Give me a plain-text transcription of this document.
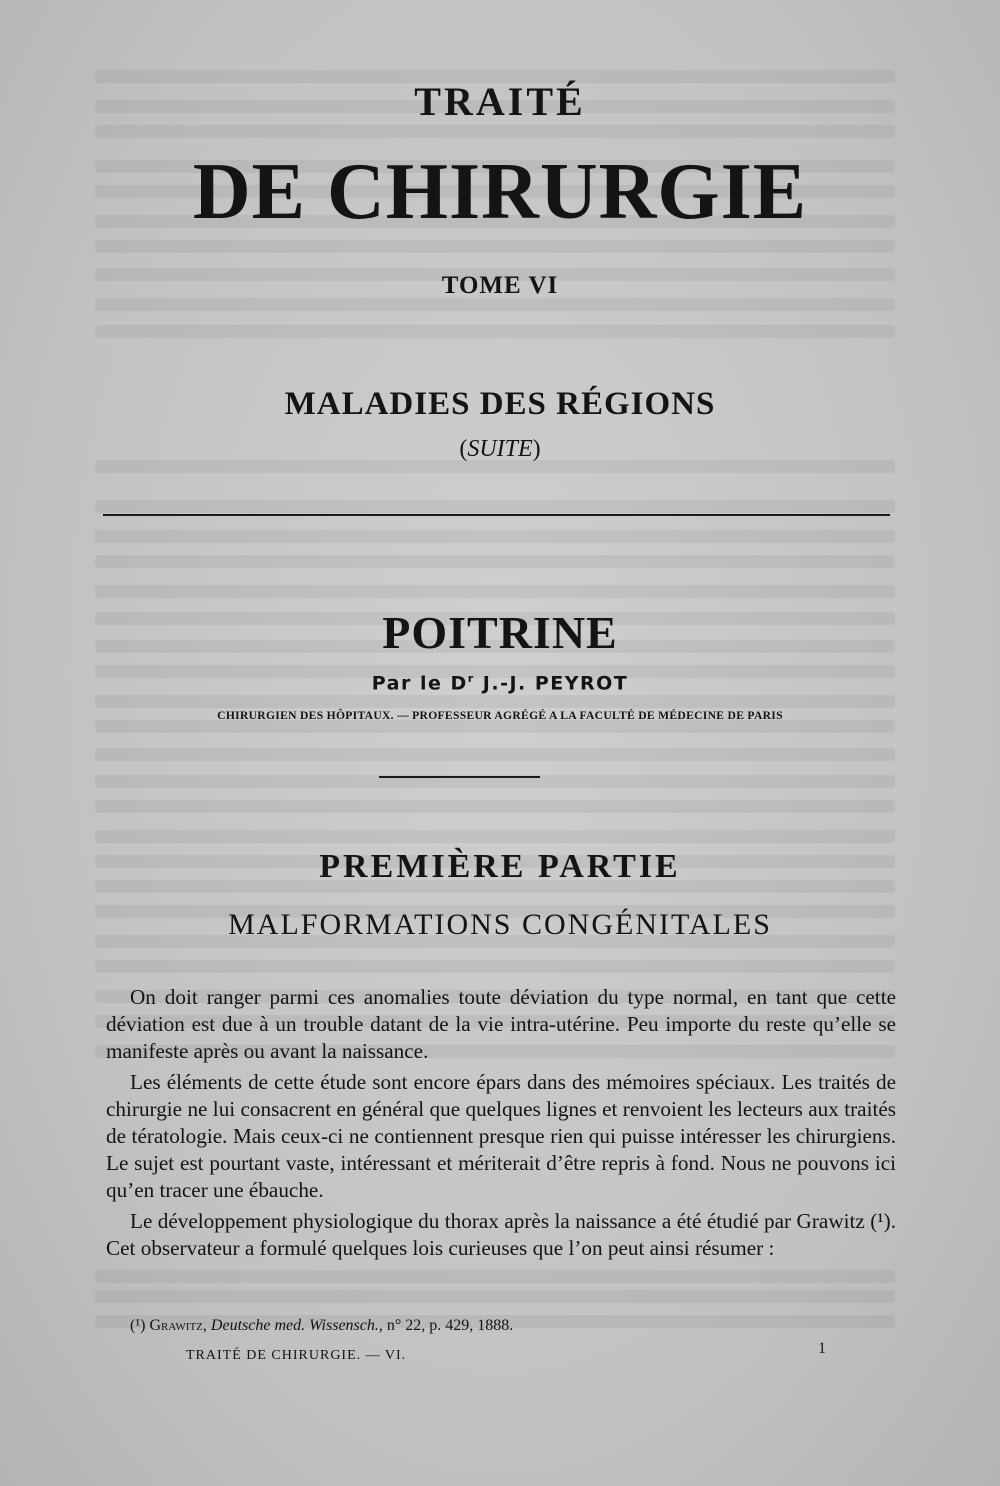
TRAITÉ
DE CHIRURGIE
TOME VI
MALADIES DES RÉGIONS
(SUITE)
POITRINE
Par le $D^r$ J.-J. PEYROT
CHIRURGIEN DES HÔPITAUX. — PROFESSEUR AGRÉGÉ A LA FACULTÉ DE MÉDECINE DE PARIS
PREMIÈRE PARTIE
MALFORMATIONS CONGÉNITALES

On doit ranger parmi ces anomalies toute déviation du type normal, en tant que cette déviation est due à un trouble datant de la vie intra-utérine. Peu importe du reste qu’elle se manifeste après ou avant la naissance.

Les éléments de cette étude sont encore épars dans des mémoires spéciaux. Les traités de chirurgie ne lui consacrent en général que quelques lignes et renvoient les lecteurs aux traités de tératologie. Mais ceux-ci ne contiennent presque rien qui puisse intéresser les chirurgiens. Le sujet est pourtant vaste, intéressant et mériterait d’être repris à fond. Nous ne pouvons ici qu’en tracer une ébauche.

Le développement physiologique du thorax après la naissance a été étudié par Grawitz (¹). Cet observateur a formulé quelques lois curieuses que l’on peut ainsi résumer :

(¹) Grawitz, Deutsche med. Wissensch., n° 22, p. 429, 1888.
TRAITÉ DE CHIRURGIE. — VI.	1
